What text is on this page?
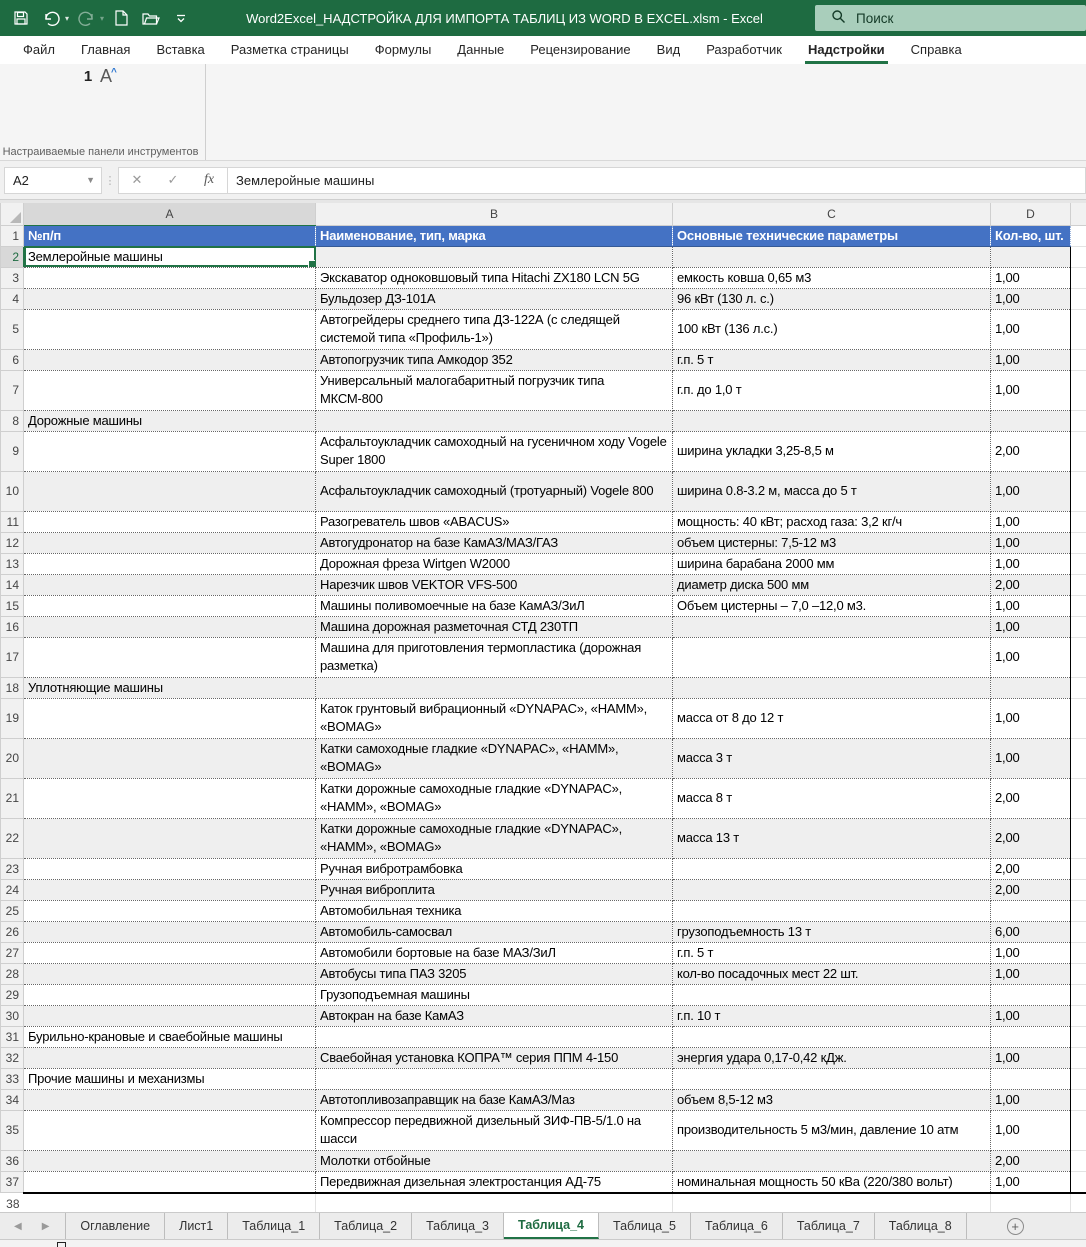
▾	▾	Word2Excel_НАДСТРОЙКА ДЛЯ ИМПОРТА ТАБЛИЦ ИЗ WORD В EXCEL.xlsm - Excel	Поиск
Файл	Главная	Вставка	Разметка страницы	Формулы	Данные	Рецензирование	Вид	Разработчик	Надстройки	Справка
1 A^
Настраиваемые панели инструментов
A2	▼ ⋮	✕	✓	fx	Землеройные машины
	A	B	C	D	
1	№п/п	Наименование, тип, марка	Основные технические параметры	Кол-во, шт.	
2	Землеройные машины				
3		Экскаватор одноковшовый типа Hitachi ZX180 LCN 5G	емкость ковша 0,65 м3	1,00	
4		Бульдозер ДЗ-101А	96 кВт (130 л. с.)	1,00	
5		Автогрейдеры среднего типа ДЗ-122А (с следящей системой типа «Профиль-1»)	100 кВт (136 л.с.)	1,00	
6		Автопогрузчик типа Амкодор 352	г.п. 5 т	1,00	
7		Универсальный малогабаритный погрузчик типа МКСМ-800	г.п. до 1,0 т	1,00	
8	Дорожные машины				
9		Асфальтоукладчик самоходный на гусеничном ходу Vogele Super 1800	ширина укладки 3,25-8,5 м	2,00	
10		Асфальтоукладчик самоходный (тротуарный) Vogele 800	ширина 0.8-3.2 м, масса до 5 т	1,00	
11		Разогреватель швов «ABACUS»	мощность: 40 кВт; расход газа: 3,2 кг/ч	1,00	
12		Автогудронатор на базе КамАЗ/МАЗ/ГАЗ	объем цистерны: 7,5-12 м3	1,00	
13		Дорожная фреза Wirtgen W2000	ширина барабана 2000 мм	1,00	
14		Нарезчик швов VEKTOR VFS-500	диаметр диска 500 мм	2,00	
15		Машины поливомоечные на базе КамАЗ/ЗиЛ	Объем цистерны – 7,0 –12,0 м3.	1,00	
16		Машина дорожная разметочная СТД 230ТП		1,00	
17		Машина для приготовления термопластика (дорожная разметка)		1,00	
18	Уплотняющие машины				
19		Каток грунтовый вибрационный «DYNAPAC», «HAMM», «BOMAG»	масса от 8 до 12 т	1,00	
20		Катки самоходные гладкие «DYNAPAC», «HAMM», «BOMAG»	масса 3 т	1,00	
21		Катки дорожные самоходные гладкие «DYNAPAC», «HAMM», «BOMAG»	масса 8 т	2,00	
22		Катки дорожные самоходные гладкие «DYNAPAC», «HAMM», «BOMAG»	масса 13 т	2,00	
23		Ручная вибротрамбовка		2,00	
24		Ручная виброплита		2,00	
25		Автомобильная техника			
26		Автомобиль-самосвал	грузоподъемность 13 т	6,00	
27		Автомобили бортовые на базе МАЗ/ЗиЛ	г.п. 5 т	1,00	
28		Автобусы типа ПАЗ 3205	кол-во посадочных мест 22 шт.	1,00	
29		Грузоподъемная машины			
30		Автокран на базе КамАЗ	г.п. 10 т	1,00	
31	Бурильно-крановые и сваебойные машины				
32		Сваебойная установка КОПРА™ серия ППМ 4-150	энергия удара 0,17-0,42 кДж.	1,00	
33	Прочие машины и механизмы				
34		Автотопливозаправщик на базе КамАЗ/Маз	объем 8,5-12 м3	1,00	
35		Компрессор передвижной дизельный ЗИФ-ПВ-5/1.0 на шасси	производительность 5 м3/мин, давление 10 атм	1,00	
36		Молотки отбойные		2,00	
37		Передвижная дизельная электростанция АД-75	номинальная мощность 50 кВа (220/380 вольт)	1,00	
38					

◀ ▶	Оглавление	Лист1	Таблица_1	Таблица_2	Таблица_3	Таблица_4	Таблица_5	Таблица_6	Таблица_7	Таблица_8	+
